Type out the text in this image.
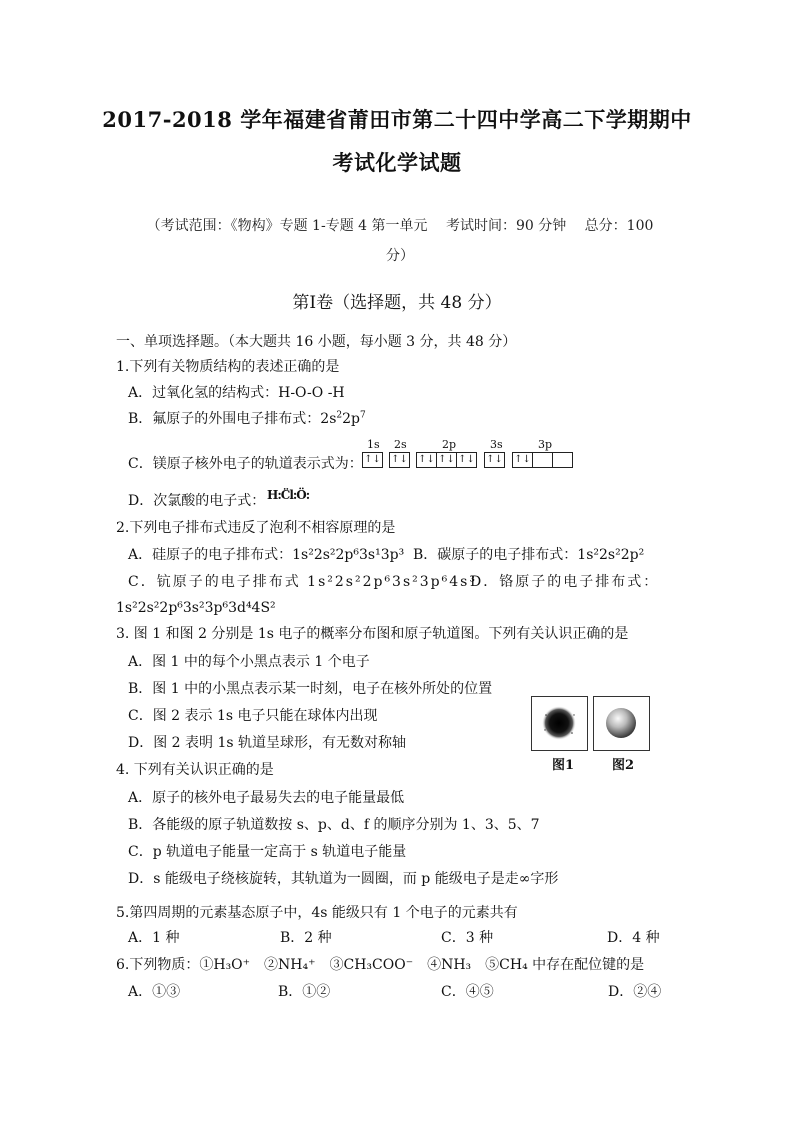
2017-2018 学年福建省莆田市第二十四中学高二下学期期中
考试化学试题
（考试范围：《物构》专题 1-专题 4 第一单元　 考试时间：90 分钟　 总分：100
分）
第Ⅰ卷（选择题，共 48 分）
一、单项选择题。（本大题共 16 小题，每小题 3 分，共 48 分）
1.下列有关物质结构的表述正确的是
A．过氧化氢的结构式：H-O-O -H
B．氟原子的外围电子排布式：$2s^22p^7$
C．镁原子核外电子的轨道表示式为：
1s 2s	2p	3s	3p
↑↓ ↑↓ ↑↓ ↑↓ ↑↓ ↑↓ ↑↓
D．次氯酸的电子式： H:C̈l:Ö:
2.下列电子排布式违反了泡利不相容原理的是
A．硅原子的电子排布式：1s²2s²2p⁶3s¹3p³ B．碳原子的电子排布式：1s²2s²2p²
C．钪原子的电子排布式 1s²2s²2p⁶3s²3p⁶4s³
D．铬原子的电子排布式：
1s²2s²2p⁶3s²3p⁶3d⁴4S²
3. 图 1 和图 2 分别是 1s 电子的概率分布图和原子轨道图。下列有关认识正确的是
A．图 1 中的每个小黑点表示 1 个电子
B．图 1 中的小黑点表示某一时刻，电子在核外所处的位置
C．图 2 表示 1s 电子只能在球体内出现
D．图 2 表明 1s 轨道呈球形，有无数对称轴
图1	图2
4. 下列有关认识正确的是
A．原子的核外电子最易失去的电子能量最低
B．各能级的原子轨道数按 s、p、d、f 的顺序分别为 1、3、5、7
C．p 轨道电子能量一定高于 s 轨道电子能量
D．s 能级电子绕核旋转，其轨道为一圆圈，而 p 能级电子是走∞字形
5.第四周期的元素基态原子中，4s 能级只有 1 个电子的元素共有
A．1 种	B．2 种	C．3 种	D．4 种
6.下列物质：①H₃O⁺　②NH₄⁺　③CH₃COO⁻　④NH₃　⑤CH₄ 中存在配位键的是
A．①③	B．①②	C．④⑤	D．②④
